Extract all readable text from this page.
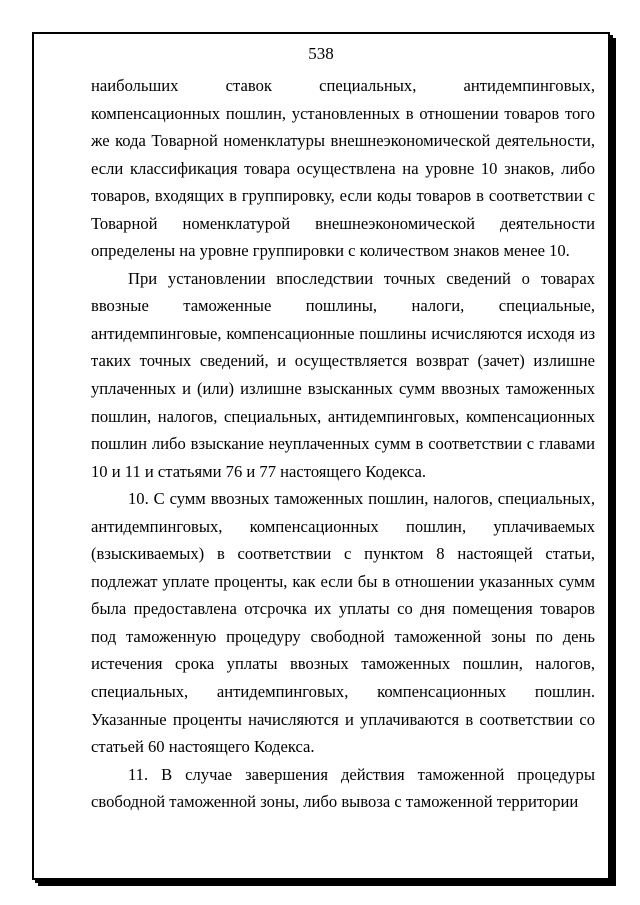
538

наибольших ставок специальных, антидемпинговых, компенсационных пошлин, установленных в отношении товаров того же кода Товарной номенклатуры внешнеэкономической деятельности, если классификация товара осуществлена на уровне 10 знаков, либо товаров, входящих в группировку, если коды товаров в соответствии с Товарной номенклатурой внешнеэкономической деятельности определены на уровне группировки с количеством знаков менее 10.

При установлении впоследствии точных сведений о товарах ввозные таможенные пошлины, налоги, специальные, антидемпинговые, компенсационные пошлины исчисляются исходя из таких точных сведений, и осуществляется возврат (зачет) излишне уплаченных и (или) излишне взысканных сумм ввозных таможенных пошлин, налогов, специальных, антидемпинговых, компенсационных пошлин либо взыскание неуплаченных сумм в соответствии с главами 10 и 11 и статьями 76 и 77 настоящего Кодекса.

10. С сумм ввозных таможенных пошлин, налогов, специальных, антидемпинговых, компенсационных пошлин, уплачиваемых (взыскиваемых) в соответствии с пунктом 8 настоящей статьи, подлежат уплате проценты, как если бы в отношении указанных сумм была предоставлена отсрочка их уплаты со дня помещения товаров под таможенную процедуру свободной таможенной зоны по день истечения срока уплаты ввозных таможенных пошлин, налогов, специальных, антидемпинговых, компенсационных пошлин. Указанные проценты начисляются и уплачиваются в соответствии со статьей 60 настоящего Кодекса.

11. В случае завершения действия таможенной процедуры свободной таможенной зоны, либо вывоза с таможенной территории
